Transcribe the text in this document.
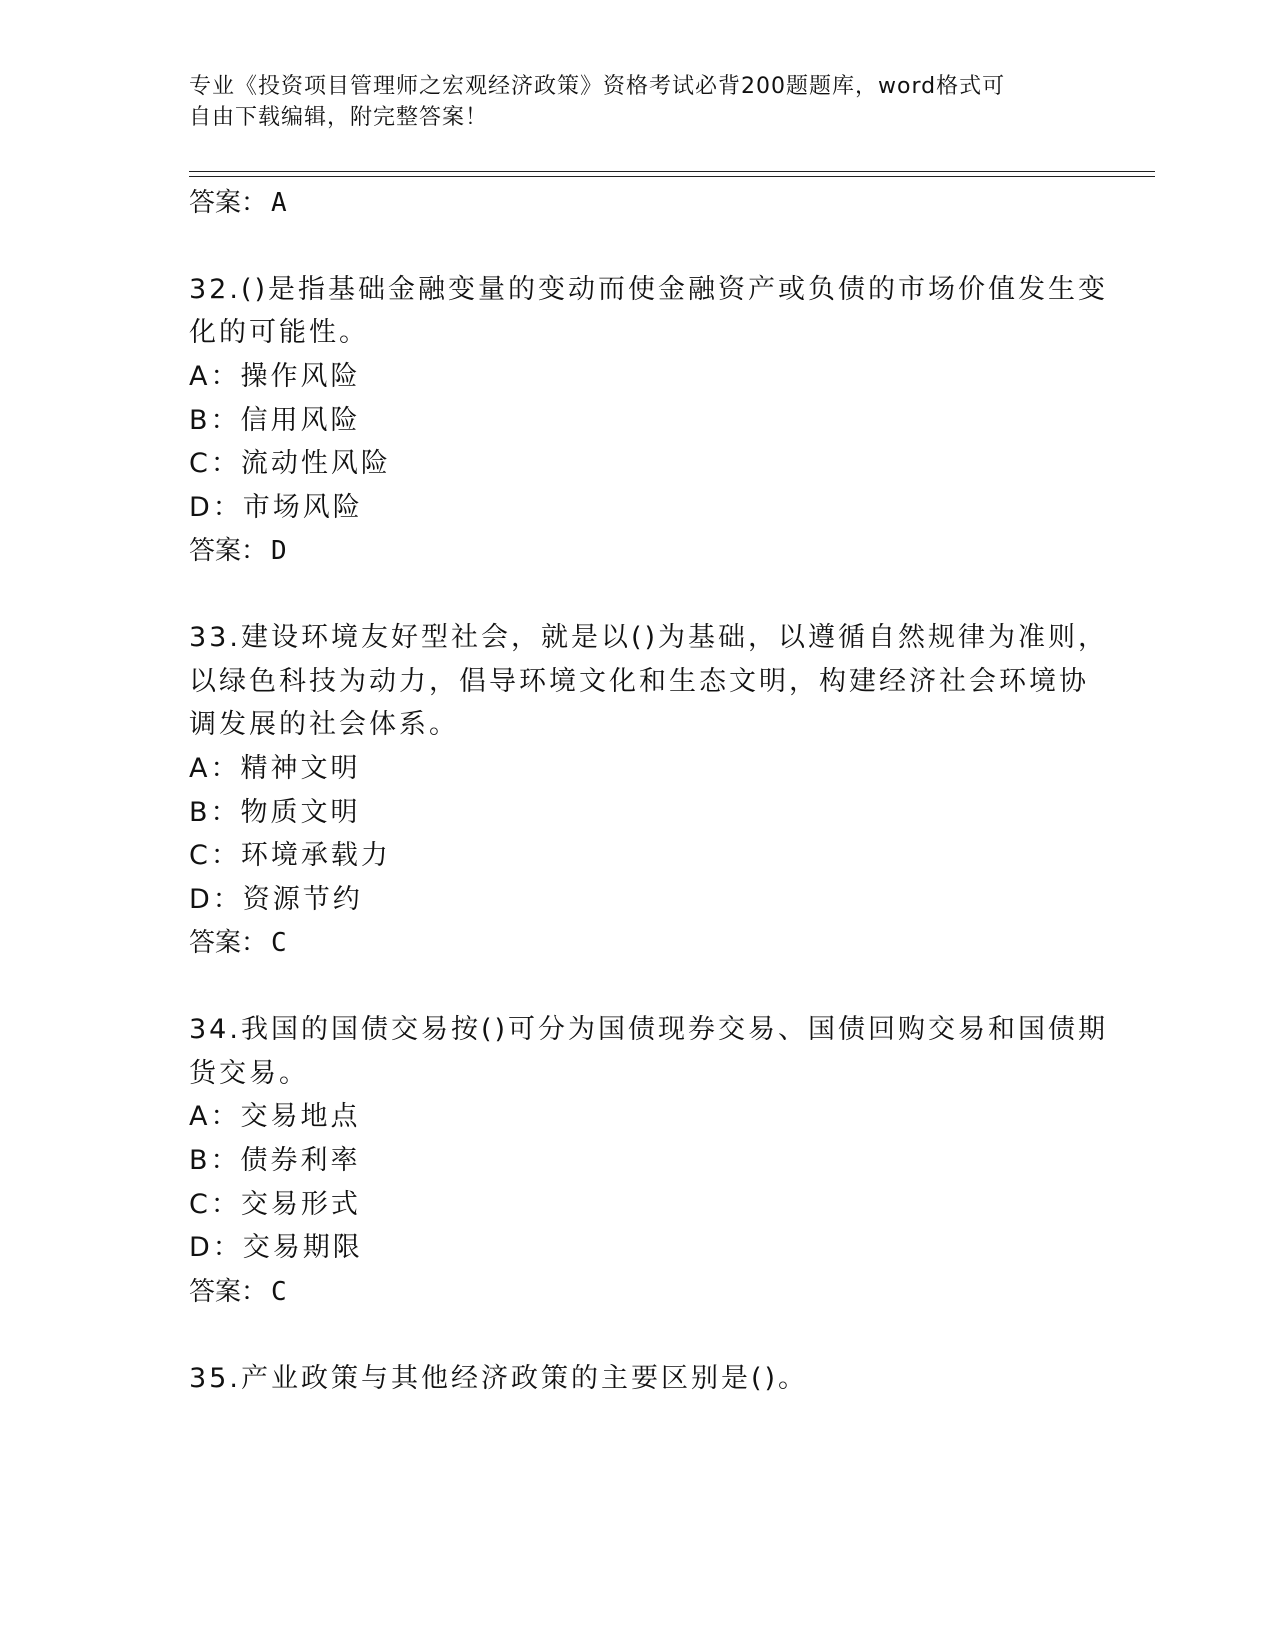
专业《投资项目管理师之宏观经济政策》资格考试必背200题题库，word格式可
自由下载编辑，附完整答案！
答案： A
32.()是指基础金融变量的变动而使金融资产或负债的市场价值发生变
化的可能性。
A：操作风险
B：信用风险
C：流动性风险
D：市场风险
答案： D
33.建设环境友好型社会，就是以()为基础，以遵循自然规律为准则，
以绿色科技为动力，倡导环境文化和生态文明，构建经济社会环境协
调发展的社会体系。
A：精神文明
B：物质文明
C：环境承载力
D：资源节约
答案： C
34.我国的国债交易按()可分为国债现券交易、国债回购交易和国债期
货交易。
A：交易地点
B：债券利率
C：交易形式
D：交易期限
答案： C
35.产业政策与其他经济政策的主要区别是()。
